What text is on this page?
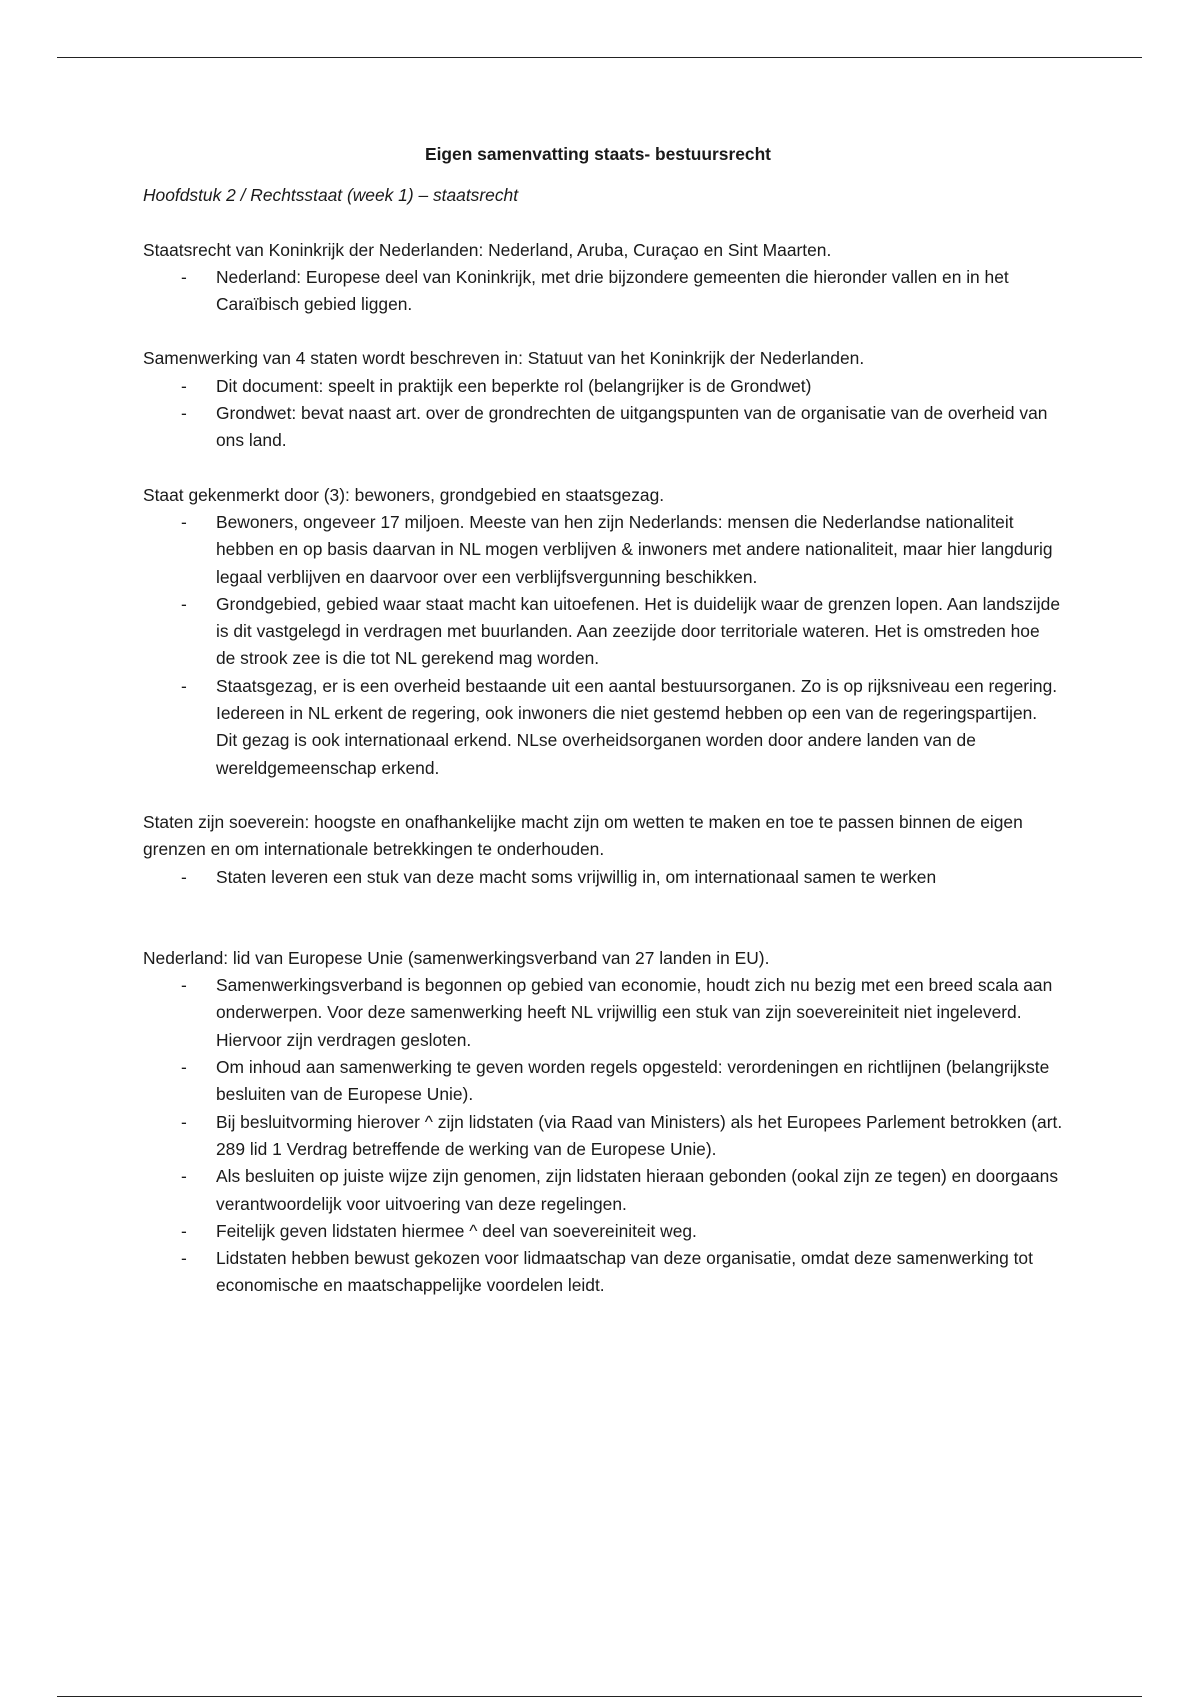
Eigen samenvatting staats- bestuursrecht
Hoofdstuk 2 / Rechtsstaat (week 1) – staatsrecht

Staatsrecht van Koninkrijk der Nederlanden: Nederland, Aruba, Curaçao en Sint Maarten.

- Nederland: Europese deel van Koninkrijk, met drie bijzondere gemeenten die hieronder vallen en in het Caraïbisch gebied liggen.

Samenwerking van 4 staten wordt beschreven in: Statuut van het Koninkrijk der Nederlanden.

- Dit document: speelt in praktijk een beperkte rol (belangrijker is de Grondwet)
- Grondwet: bevat naast art. over de grondrechten de uitgangspunten van de organisatie van de overheid van ons land.

Staat gekenmerkt door (3): bewoners, grondgebied en staatsgezag.

- Bewoners, ongeveer 17 miljoen. Meeste van hen zijn Nederlands: mensen die Nederlandse nationaliteit hebben en op basis daarvan in NL mogen verblijven & inwoners met andere nationaliteit, maar hier langdurig legaal verblijven en daarvoor over een verblijfsvergunning beschikken.
- Grondgebied, gebied waar staat macht kan uitoefenen. Het is duidelijk waar de grenzen lopen. Aan landszijde is dit vastgelegd in verdragen met buurlanden. Aan zeezijde door territoriale wateren. Het is omstreden hoe de strook zee is die tot NL gerekend mag worden.
- Staatsgezag, er is een overheid bestaande uit een aantal bestuursorganen. Zo is op rijksniveau een regering. Iedereen in NL erkent de regering, ook inwoners die niet gestemd hebben op een van de regeringspartijen. Dit gezag is ook internationaal erkend. NLse overheidsorganen worden door andere landen van de wereldgemeenschap erkend.

Staten zijn soeverein: hoogste en onafhankelijke macht zijn om wetten te maken en toe te passen binnen de eigen grenzen en om internationale betrekkingen te onderhouden.

- Staten leveren een stuk van deze macht soms vrijwillig in, om internationaal samen te werken

Nederland: lid van Europese Unie (samenwerkingsverband van 27 landen in EU).

- Samenwerkingsverband is begonnen op gebied van economie, houdt zich nu bezig met een breed scala aan onderwerpen. Voor deze samenwerking heeft NL vrijwillig een stuk van zijn soevereiniteit niet ingeleverd. Hiervoor zijn verdragen gesloten.
- Om inhoud aan samenwerking te geven worden regels opgesteld: verordeningen en richtlijnen (belangrijkste besluiten van de Europese Unie).
- Bij besluitvorming hierover ^ zijn lidstaten (via Raad van Ministers) als het Europees Parlement betrokken (art. 289 lid 1 Verdrag betreffende de werking van de Europese Unie).
- Als besluiten op juiste wijze zijn genomen, zijn lidstaten hieraan gebonden (ookal zijn ze tegen) en doorgaans verantwoordelijk voor uitvoering van deze regelingen.
- Feitelijk geven lidstaten hiermee ^ deel van soevereiniteit weg.
- Lidstaten hebben bewust gekozen voor lidmaatschap van deze organisatie, omdat deze samenwerking tot economische en maatschappelijke voordelen leidt.
